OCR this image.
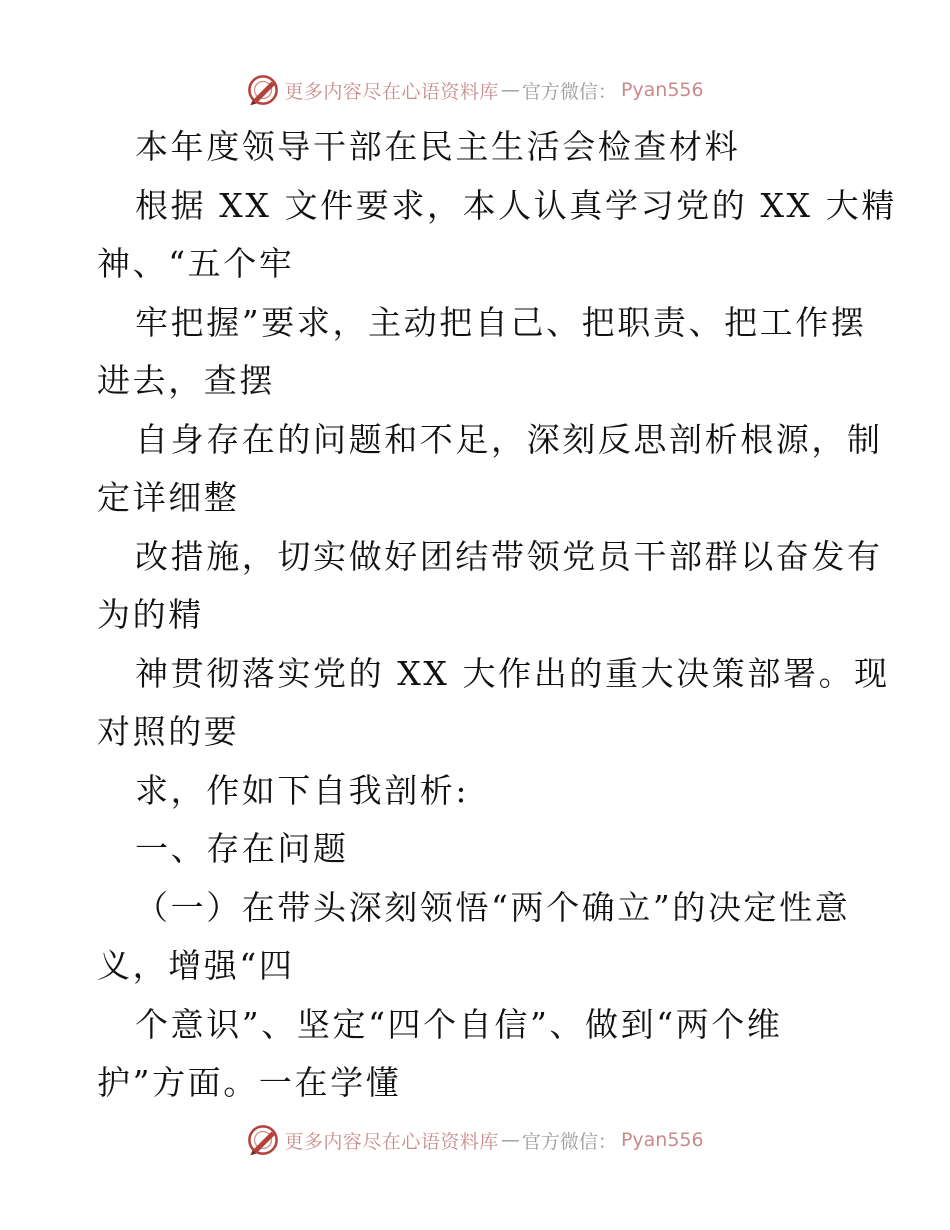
更多内容尽在心语资料库 — 官方微信： Pyan556
本年度领导干部在民主生活会检查材料
根据 XX 文件要求，本人认真学习党的 XX 大精
神、“五个牢
牢把握”要求，主动把自己、把职责、把工作摆
进去，查摆
自身存在的问题和不足，深刻反思剖析根源，制
定详细整
改措施，切实做好团结带领党员干部群以奋发有
为的精
神贯彻落实党的 XX 大作出的重大决策部署。现
对照的要
求，作如下自我剖析:
一、存在问题
（一）在带头深刻领悟“两个确立”的决定性意
义，增强“四
个意识”、坚定“四个自信”、做到“两个维
护”方面。一在学懂
更多内容尽在心语资料库 — 官方微信： Pyan556
